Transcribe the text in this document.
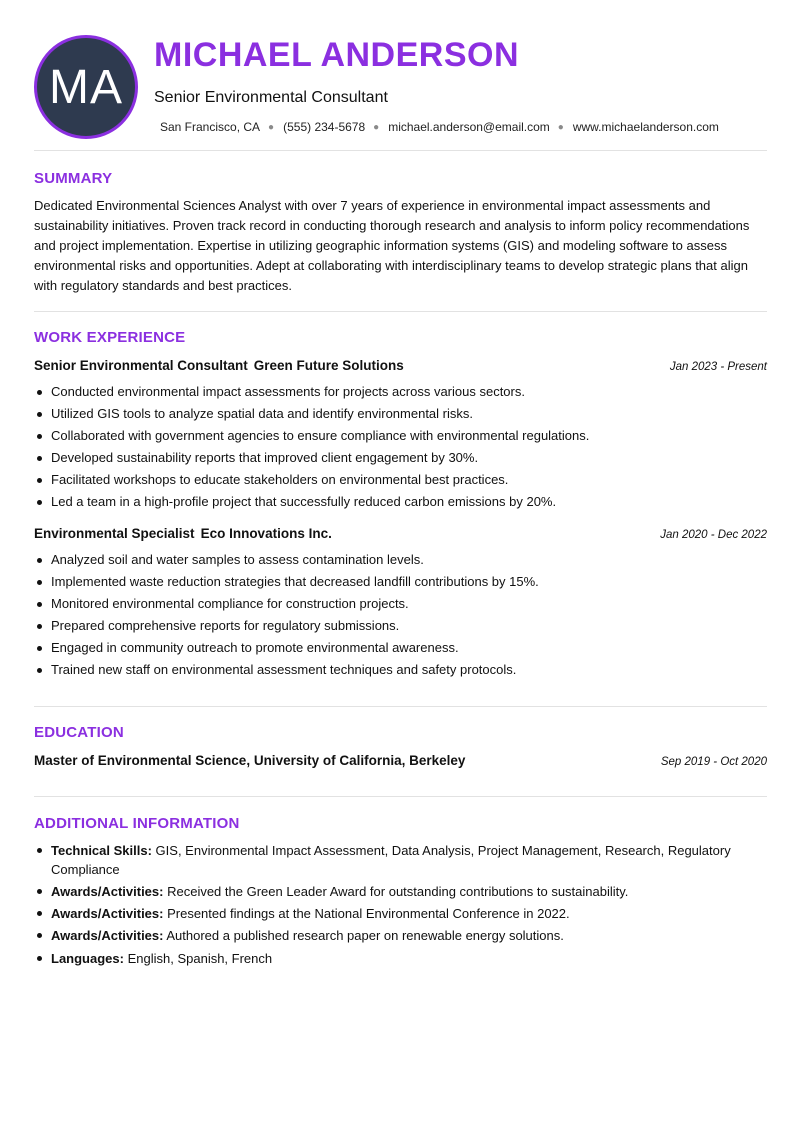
MA
MICHAEL ANDERSON
Senior Environmental Consultant
San Francisco, CA ● (555) 234-5678 ● michael.anderson@email.com ● www.michaelanderson.com
SUMMARY
Dedicated Environmental Sciences Analyst with over 7 years of experience in environmental impact assessments and sustainability initiatives. Proven track record in conducting thorough research and analysis to inform policy recommendations and project implementation. Expertise in utilizing geographic information systems (GIS) and modeling software to assess environmental risks and opportunities. Adept at collaborating with interdisciplinary teams to develop strategic plans that align with regulatory standards and best practices.
WORK EXPERIENCE
Senior Environmental Consultant Green Future Solutions	Jan 2023 - Present
Conducted environmental impact assessments for projects across various sectors.
Utilized GIS tools to analyze spatial data and identify environmental risks.
Collaborated with government agencies to ensure compliance with environmental regulations.
Developed sustainability reports that improved client engagement by 30%.
Facilitated workshops to educate stakeholders on environmental best practices.
Led a team in a high-profile project that successfully reduced carbon emissions by 20%.
Environmental Specialist Eco Innovations Inc.	Jan 2020 - Dec 2022
Analyzed soil and water samples to assess contamination levels.
Implemented waste reduction strategies that decreased landfill contributions by 15%.
Monitored environmental compliance for construction projects.
Prepared comprehensive reports for regulatory submissions.
Engaged in community outreach to promote environmental awareness.
Trained new staff on environmental assessment techniques and safety protocols.
EDUCATION
Master of Environmental Science, University of California, Berkeley	Sep 2019 - Oct 2020
ADDITIONAL INFORMATION
Technical Skills: GIS, Environmental Impact Assessment, Data Analysis, Project Management, Research, Regulatory Compliance
Awards/Activities: Received the Green Leader Award for outstanding contributions to sustainability.
Awards/Activities: Presented findings at the National Environmental Conference in 2022.
Awards/Activities: Authored a published research paper on renewable energy solutions.
Languages: English, Spanish, French
